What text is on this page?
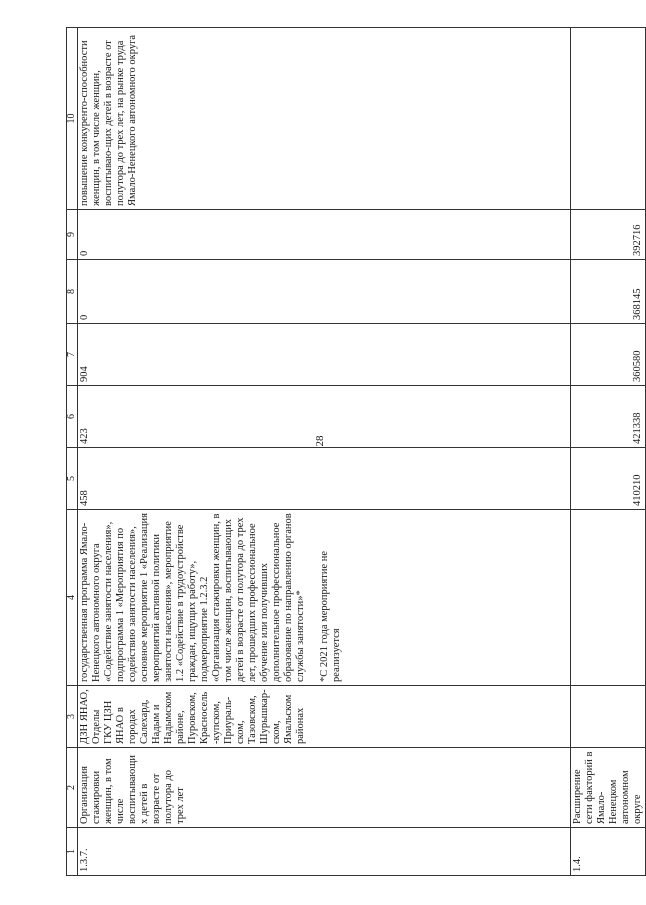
28
1	2	3	4	5	6	7	8	9	10
1.3.7.	Организация стажировки женщин, в том числе воспитывающих детей в возрасте от полутора до трех лет	ДЗН ЯНАО, Отделы ГКУ ЦЗН ЯНАО в городах Салехард, Надым и Надымском районе, Пуровском, Красносель-купском, Приураль-ском, Тазовском, Шурышкар-ском, Ямальском районах	государственная программа Ямало-Ненецкого автономного округа «Содействие занятости населения», подпрограмма 1 «Мероприятия по содействию занятости населения», основное мероприятие 1 «Реализация мероприятий активной политики занятости населения», мероприятие 1.2 «Содействие в трудоустройстве граждан, ищущих работу», подмероприятие 1.2.3.2 «Организация стажировки женщин, в том числе женщин, воспитывающих детей в возрасте от полутора до трех лет, прошедших профессиональное обучение или получивших дополнительное профессиональное образование по направлению органов службы занятости»* *С 2021 года мероприятие не реализуется	458	423	904	0	0	повышение конкуренто-способности женщин, в том числе женщин, воспитываю-щих детей в возрасте от полутора до трех лет, на рынке труда Ямало-Ненецкого автономного округа
1.4.	Расширение сети факторий в Ямало-Ненецком автономном округе			410210	421338	360580	368145	392716	
